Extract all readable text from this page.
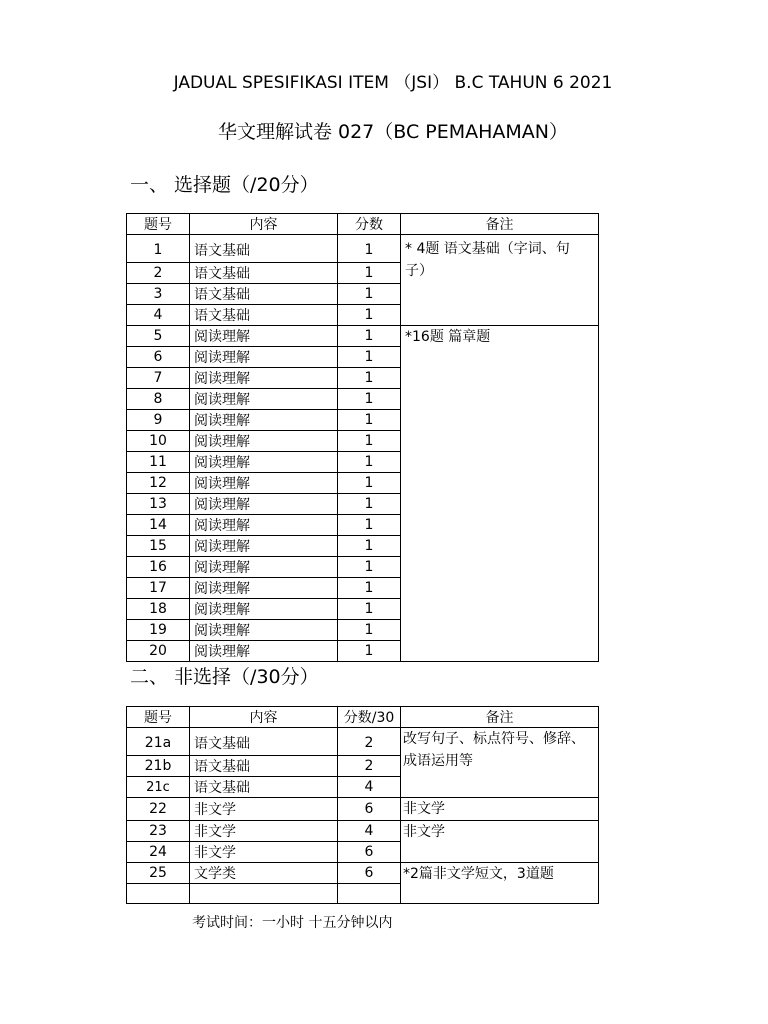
JADUAL SPESIFIKASI ITEM （JSI） B.C TAHUN 6 2021
华文理解试卷 027（BC PEMAHAMAN）
一、 选择题（/20分）
题号	内容	分数	备注
1	语文基础	1	* 4题 语文基础（字词、句
子）

2	语文基础	1	
3	语文基础	1	
4	语文基础	1	
5	阅读理解	1	*16题 篇章题
6	阅读理解	1	
7	阅读理解	1	
8	阅读理解	1	
9	阅读理解	1	
10	阅读理解	1	
11	阅读理解	1	
12	阅读理解	1	
13	阅读理解	1	
14	阅读理解	1	
15	阅读理解	1	
16	阅读理解	1	
17	阅读理解	1	
18	阅读理解	1	
19	阅读理解	1	
20	阅读理解	1	
二、 非选择（/30分）
题号	内容	分数/30	备注
21a	语文基础	2	改写句子、标点符号、修辞、成语运用等
21b	语文基础	2	
21c	语文基础	4	
22	非文学	6	非文学
23	非文学	4	非文学
24	非文学	6	
25	文学类	6	*2篇非文学短文，3道题

考试时间：一小时 十五分钟以内
